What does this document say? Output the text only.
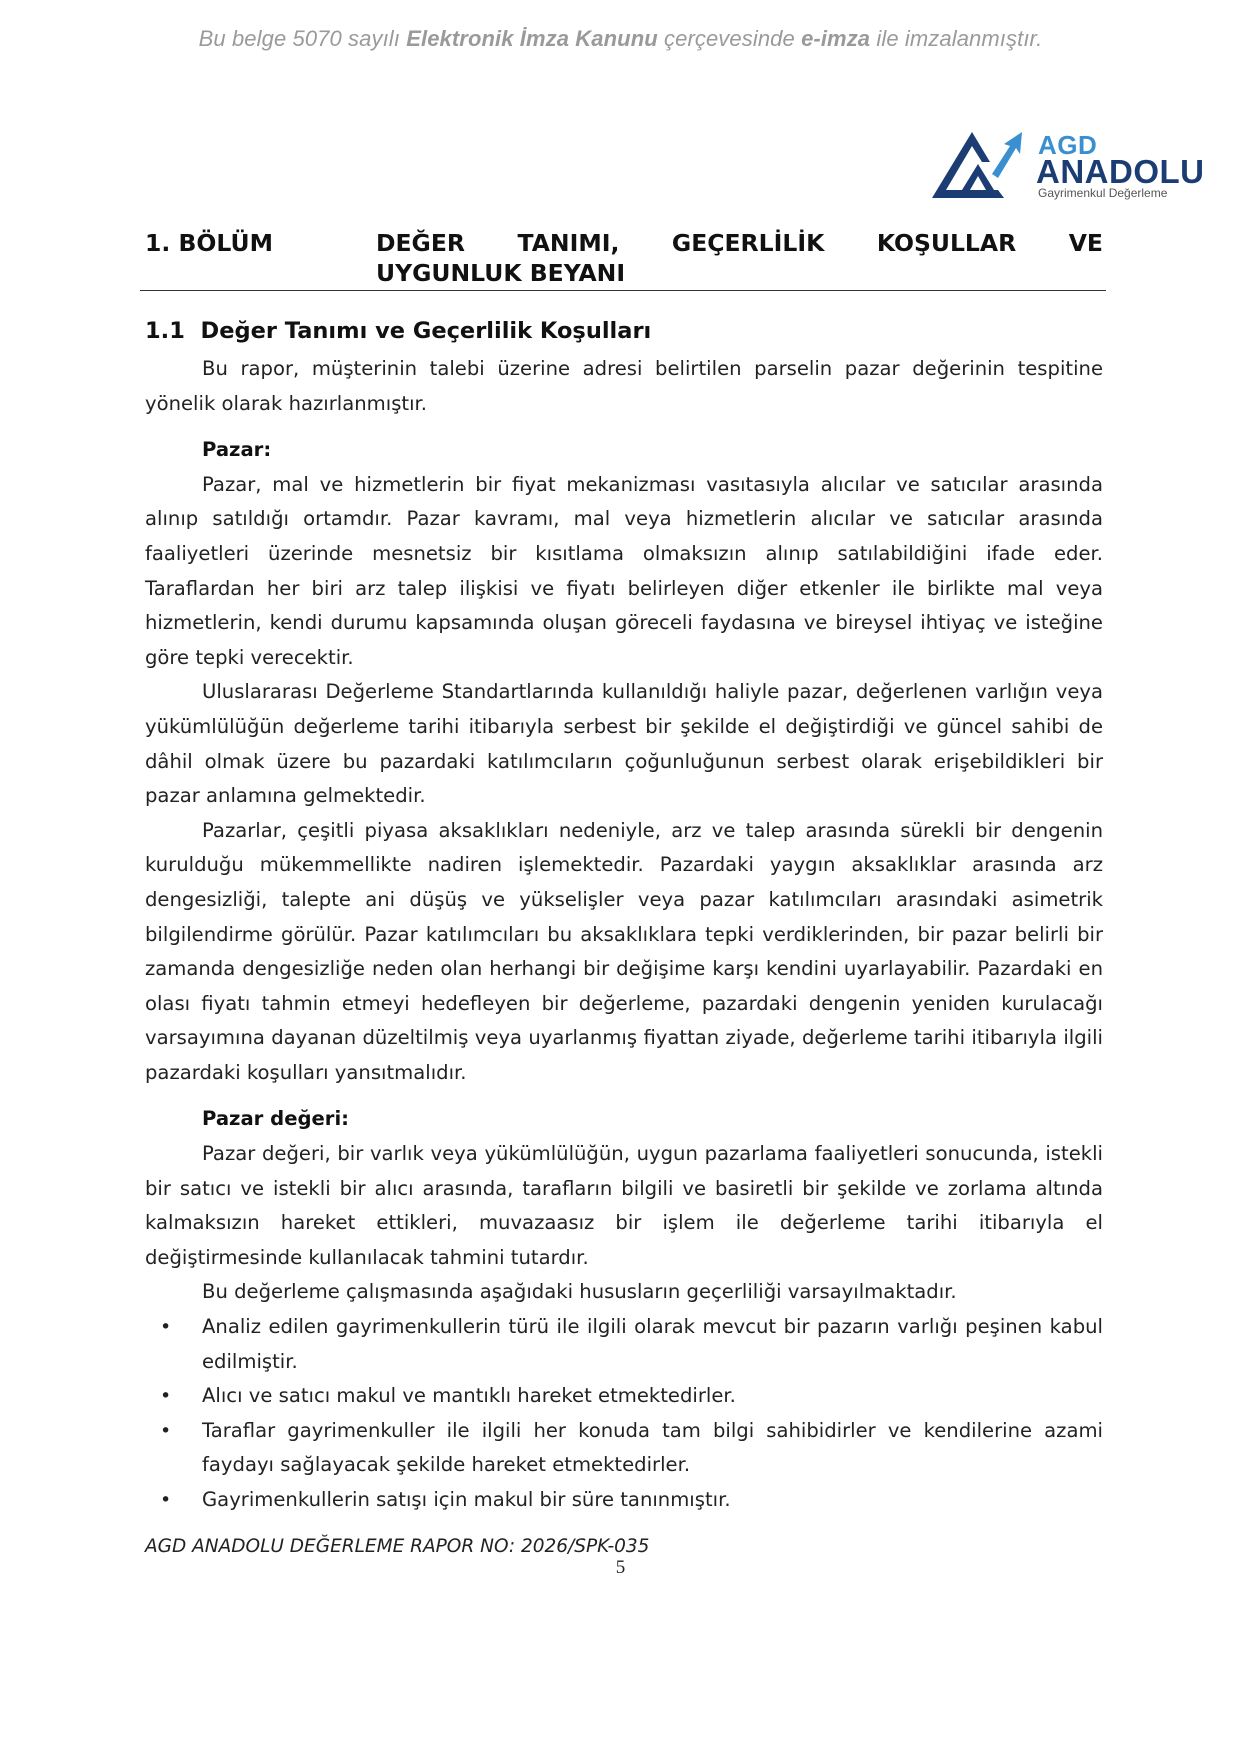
Bu belge 5070 sayılı Elektronik İmza Kanunu çerçevesinde e-imza ile imzalanmıştır.
AGD
ANADOLU
Gayrimenkul Değerleme
1. BÖLÜM	DEĞER TANIMI, GEÇERLİLİK KOŞULLAR VE
UYGUNLUK BEYANI
1.1  Değer Tanımı ve Geçerlilik Koşulları

Bu rapor, müşterinin talebi üzerine adresi belirtilen parselin pazar değerinin tespitine yönelik olarak hazırlanmıştır.

Pazar:

Pazar, mal ve hizmetlerin bir fiyat mekanizması vasıtasıyla alıcılar ve satıcılar arasında alınıp satıldığı ortamdır. Pazar kavramı, mal veya hizmetlerin alıcılar ve satıcılar arasında faaliyetleri üzerinde mesnetsiz bir kısıtlama olmaksızın alınıp satılabildiğini ifade eder. Taraflardan her biri arz talep ilişkisi ve fiyatı belirleyen diğer etkenler ile birlikte mal veya hizmetlerin, kendi durumu kapsamında oluşan göreceli faydasına ve bireysel ihtiyaç ve isteğine göre tepki verecektir.

Uluslararası Değerleme Standartlarında kullanıldığı haliyle pazar, değerlenen varlığın veya yükümlülüğün değerleme tarihi itibarıyla serbest bir şekilde el değiştirdiği ve güncel sahibi de dâhil olmak üzere bu pazardaki katılımcıların çoğunluğunun serbest olarak erişebildikleri bir pazar anlamına gelmektedir.

Pazarlar, çeşitli piyasa aksaklıkları nedeniyle, arz ve talep arasında sürekli bir dengenin kurulduğu mükemmellikte nadiren işlemektedir. Pazardaki yaygın aksaklıklar arasında arz dengesizliği, talepte ani düşüş ve yükselişler veya pazar katılımcıları arasındaki asimetrik bilgilendirme görülür. Pazar katılımcıları bu aksaklıklara tepki verdiklerinden, bir pazar belirli bir zamanda dengesizliğe neden olan herhangi bir değişime karşı kendini uyarlayabilir. Pazardaki en olası fiyatı tahmin etmeyi hedefleyen bir değerleme, pazardaki dengenin yeniden kurulacağı varsayımına dayanan düzeltilmiş veya uyarlanmış fiyattan ziyade, değerleme tarihi itibarıyla ilgili pazardaki koşulları yansıtmalıdır.

Pazar değeri:

Pazar değeri, bir varlık veya yükümlülüğün, uygun pazarlama faaliyetleri sonucunda, istekli bir satıcı ve istekli bir alıcı arasında, tarafların bilgili ve basiretli bir şekilde ve zorlama altında kalmaksızın hareket ettikleri, muvazaasız bir işlem ile değerleme tarihi itibarıyla el değiştirmesinde kullanılacak tahmini tutardır.

Bu değerleme çalışmasında aşağıdaki hususların geçerliliği varsayılmaktadır.

• Analiz edilen gayrimenkullerin türü ile ilgili olarak mevcut bir pazarın varlığı peşinen kabul edilmiştir.
• Alıcı ve satıcı makul ve mantıklı hareket etmektedirler.
• Taraflar gayrimenkuller ile ilgili her konuda tam bilgi sahibidirler ve kendilerine azami faydayı sağlayacak şekilde hareket etmektedirler.
• Gayrimenkullerin satışı için makul bir süre tanınmıştır.
AGD ANADOLU DEĞERLEME RAPOR NO: 2026/SPK-035
5
